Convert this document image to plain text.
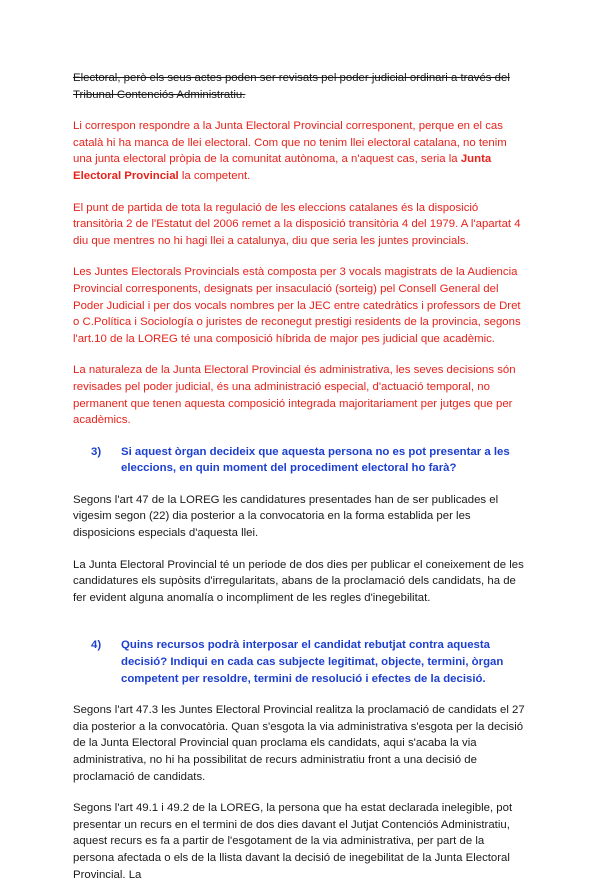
Electoral, però els seus actes poden ser revisats pel poder judicial ordinari a través del Tribunal Contenciós Administratiu.

Li correspon respondre a la Junta Electoral Provincial corresponent, perque en el cas català hi ha manca de llei electoral. Com que no tenim llei electoral catalana, no tenim una junta electoral pròpia de la comunitat autònoma, a n'aquest cas, seria la Junta Electoral Provincial la competent.

El punt de partida de tota la regulació de les eleccions catalanes és la disposició transitòria 2 de l'Estatut del 2006 remet a la disposició transitòria 4 del 1979. A l'apartat 4 diu que mentres no hi hagi llei a catalunya, diu que seria les juntes provincials.

Les Juntes Electorals Provincials està composta per 3 vocals magistrats de la Audiencia Provincial corresponents, designats per insaculació (sorteig) pel Consell General del Poder Judicial i per dos vocals nombres per la JEC entre catedràtics i professors de Dret o C.Política i Sociología o juristes de reconegut prestigi residents de la provincia, segons l'art.10 de la LOREG té una composició híbrida de major pes judicial que acadèmic.

La naturaleza de la Junta Electoral Provincial és administrativa, les seves decisions són revisades pel poder judicial, és una administració especial, d'actuació temporal, no permanent que tenen aquesta composició integrada majoritariament per jutges que per acadèmics.

3)	Si aquest òrgan decideix que aquesta persona no es pot presentar a les eleccions, en quin moment del procediment electoral ho farà?

Segons l'art 47 de la LOREG les candidatures presentades han de ser publicades el vigesim segon (22) dia posterior a la convocatoria en la forma establida per les disposicions especials d'aquesta llei.

La Junta Electoral Provincial té un periode de dos dies per publicar el coneixement de les candidatures els supòsits d'irregularitats, abans de la proclamació dels candidats, ha de fer evident alguna anomalía o incompliment de les regles d'inegebilitat.

4)	Quins recursos podrà interposar el candidat rebutjat contra aquesta decisió? Indiqui en cada cas subjecte legitimat, objecte, termini, òrgan competent per resoldre, termini de resolució i efectes de la decisió.

Segons l'art 47.3 les Juntes Electoral Provincial realitza la proclamació de candidats el 27 dia posterior a la convocatòria. Quan s'esgota la via administrativa s'esgota per la decisió de la Junta Electoral Provincial quan proclama els candidats, aqui s'acaba la via administrativa, no hi ha possibilitat de recurs administratiu front a una decisió de proclamació de candidats.

Segons l'art 49.1 i 49.2 de la LOREG, la persona que ha estat declarada inelegible, pot presentar un recurs en el termini de dos dies davant el Jutjat Contenciós Administratiu, aquest recurs es fa a partir de l'esgotament de la via administrativa, per part de la persona afectada o els de la llista davant la decisió de inegebilitat de la Junta Electoral Provincial. La
